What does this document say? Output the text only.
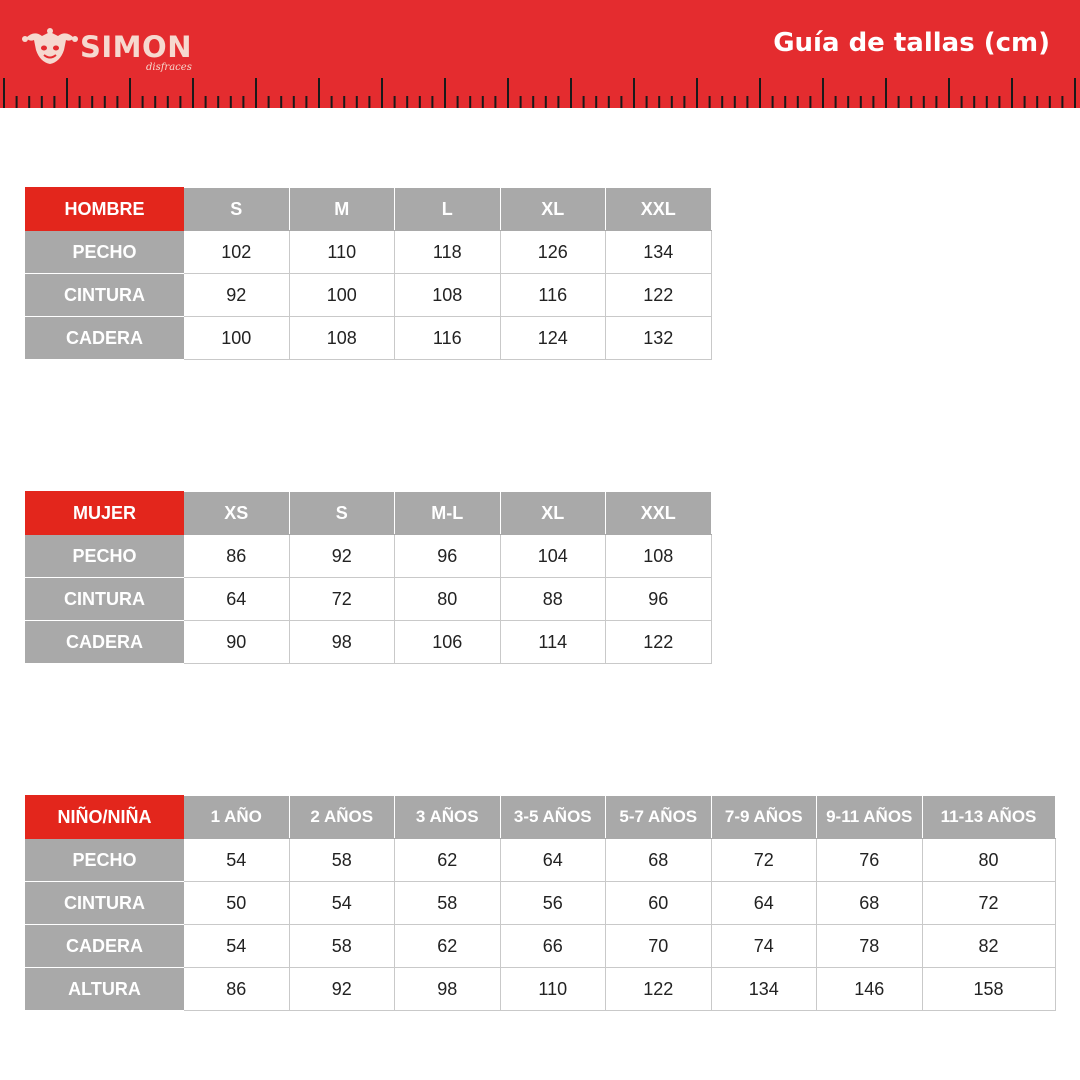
SIMON
disfraces
Guía de tallas (cm)
HOMBRE	S	M	L	XL	XXL
PECHO	102	110	118	126	134
CINTURA	92	100	108	116	122
CADERA	100	108	116	124	132
MUJER	XS	S	M-L	XL	XXL
PECHO	86	92	96	104	108
CINTURA	64	72	80	88	96
CADERA	90	98	106	114	122
NIÑO/NIÑA	1 AÑO	2 AÑOS	3 AÑOS	3-5 AÑOS	5-7 AÑOS	7-9 AÑOS	9-11 AÑOS	11-13 AÑOS
PECHO	54	58	62	64	68	72	76	80
CINTURA	50	54	58	56	60	64	68	72
CADERA	54	58	62	66	70	74	78	82
ALTURA	86	92	98	110	122	134	146	158
